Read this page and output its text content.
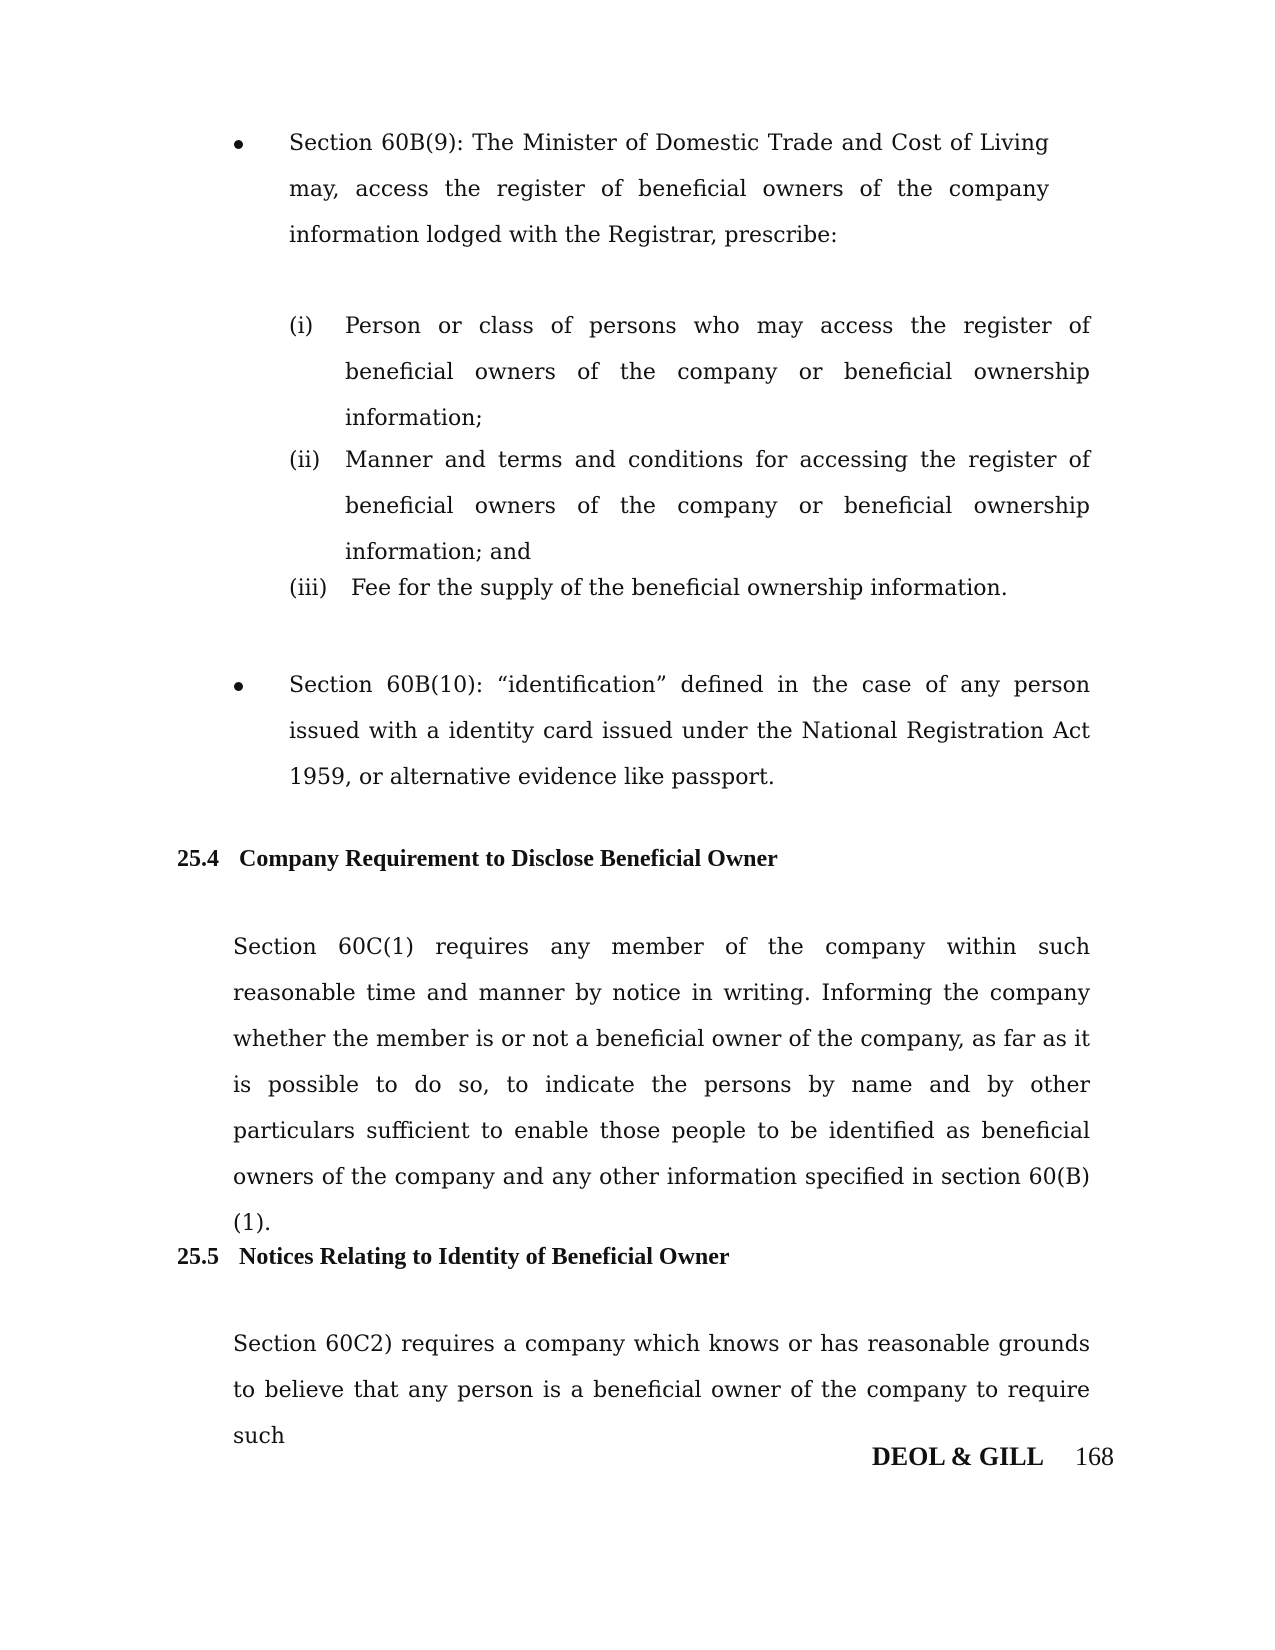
Section 60B(9): The Minister of Domestic Trade and Cost of Living may, access the register of beneficial owners of the company information lodged with the Registrar, prescribe:

(i) Person or class of persons who may access the register of beneficial owners of the company or beneficial ownership information;

(ii) Manner and terms and conditions for accessing the register of beneficial owners of the company or beneficial ownership information; and

(iii) Fee for the supply of the beneficial ownership information.

Section 60B(10): “identification” defined in the case of any person issued with a identity card issued under the National Registration Act 1959, or alternative evidence like passport.

25.4 Company Requirement to Disclose Beneficial Owner

Section 60C(1) requires any member of the company within such reasonable time and manner by notice in writing. Informing the company whether the member is or not a beneficial owner of the company, as far as it is possible to do so, to indicate the persons by name and by other particulars sufficient to enable those people to be identified as beneficial owners of the company and any other information specified in section 60(B)(1).

25.5 Notices Relating to Identity of Beneficial Owner

Section 60C2) requires a company which knows or has reasonable grounds to believe that any person is a beneficial owner of the company to require such

DEOL & GILL 168
